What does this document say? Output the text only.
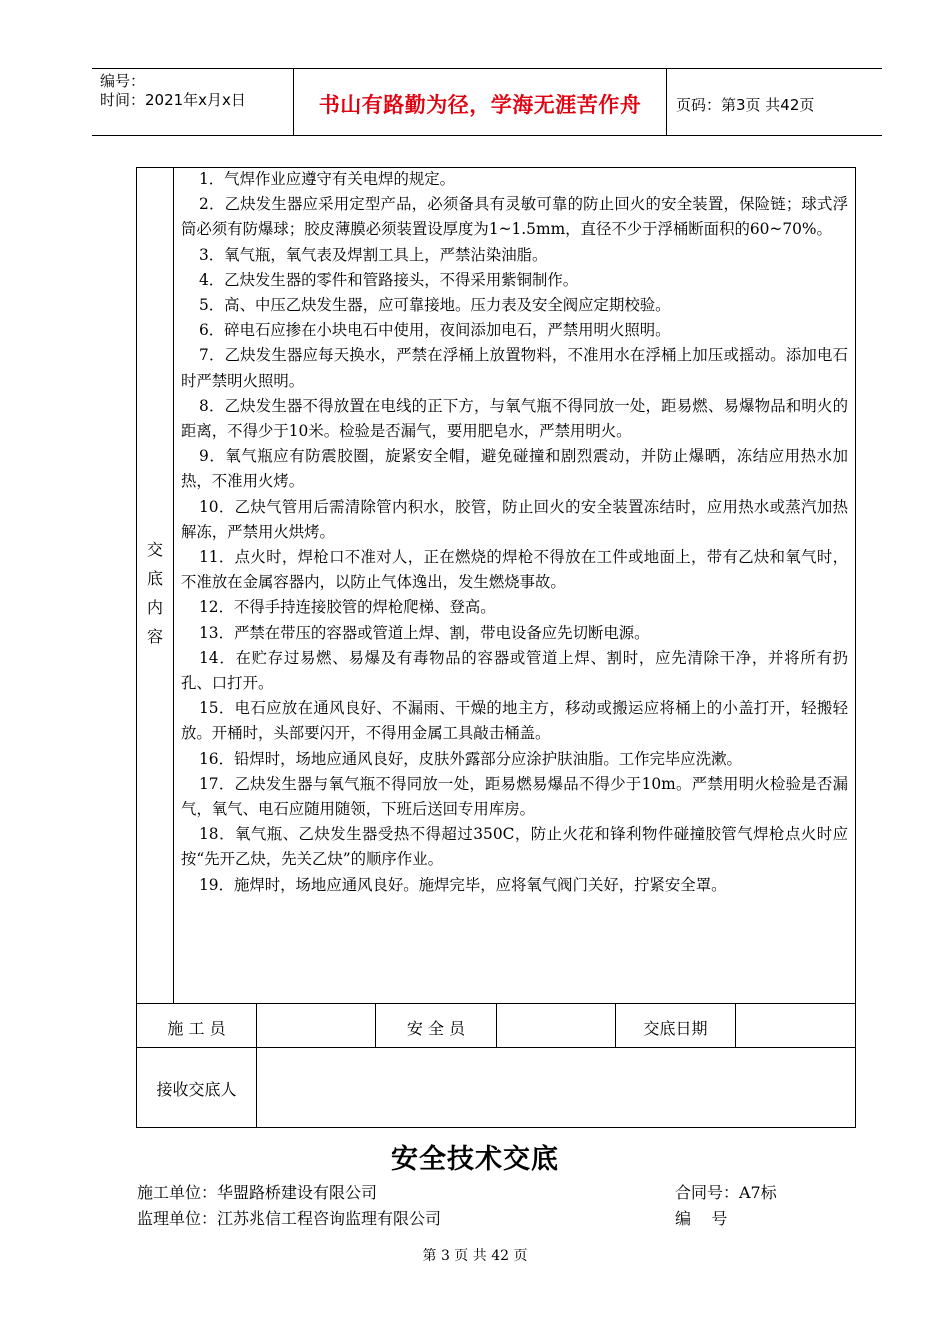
编号：
时间：2021年x月x日	书山有路勤为径，学海无涯苦作舟	页码：第3页 共42页
交
底
内
容

1．气焊作业应遵守有关电焊的规定。

2．乙炔发生器应采用定型产品，必须备具有灵敏可靠的防止回火的安全装置，保险链；球式浮筒必须有防爆球；胶皮薄膜必须装置设厚度为1~1.5mm，直径不少于浮桶断面积的60~70%。

3．氧气瓶，氧气表及焊割工具上，严禁沾染油脂。

4．乙炔发生器的零件和管路接头，不得采用紫铜制作。

5．高、中压乙炔发生器，应可靠接地。压力表及安全阀应定期校验。

6．碎电石应掺在小块电石中使用，夜间添加电石，严禁用明火照明。

7．乙炔发生器应每天换水，严禁在浮桶上放置物料，不准用水在浮桶上加压或摇动。添加电石时严禁明火照明。

8．乙炔发生器不得放置在电线的正下方，与氧气瓶不得同放一处，距易燃、易爆物品和明火的距离，不得少于10米。检验是否漏气，要用肥皂水，严禁用明火。

9．氧气瓶应有防震胶圈，旋紧安全帽，避免碰撞和剧烈震动，并防止爆晒，冻结应用热水加热，不准用火烤。

10．乙炔气管用后需清除管内积水，胶管，防止回火的安全装置冻结时，应用热水或蒸汽加热解冻，严禁用火烘烤。

11．点火时，焊枪口不准对人，正在燃烧的焊枪不得放在工件或地面上，带有乙炔和氧气时，不准放在金属容器内，以防止气体逸出，发生燃烧事故。

12．不得手持连接胶管的焊枪爬梯、登高。

13．严禁在带压的容器或管道上焊、割，带电设备应先切断电源。

14．在贮存过易燃、易爆及有毒物品的容器或管道上焊、割时，应先清除干净，并将所有扔孔、口打开。

15．电石应放在通风良好、不漏雨、干燥的地主方，移动或搬运应将桶上的小盖打开，轻搬轻放。开桶时，头部要闪开，不得用金属工具敲击桶盖。

16．铅焊时，场地应通风良好，皮肤外露部分应涂护肤油脂。工作完毕应洗漱。

17．乙炔发生器与氧气瓶不得同放一处，距易燃易爆品不得少于10m。严禁用明火检验是否漏气，氧气、电石应随用随领，下班后送回专用库房。

18．氧气瓶、乙炔发生器受热不得超过350C，防止火花和锋利物件碰撞胶管气焊枪点火时应按“先开乙炔，先关乙炔”的顺序作业。

19．施焊时，场地应通风良好。施焊完毕，应将氧气阀门关好，拧紧安全罩。

施 工 员	安 全 员	交底日期
接收交底人
安全技术交底
施工单位：华盟路桥建设有限公司	合同号：A7标
监理单位：江苏兆信工程咨询监理有限公司	编    号
第 3 页 共 42 页
